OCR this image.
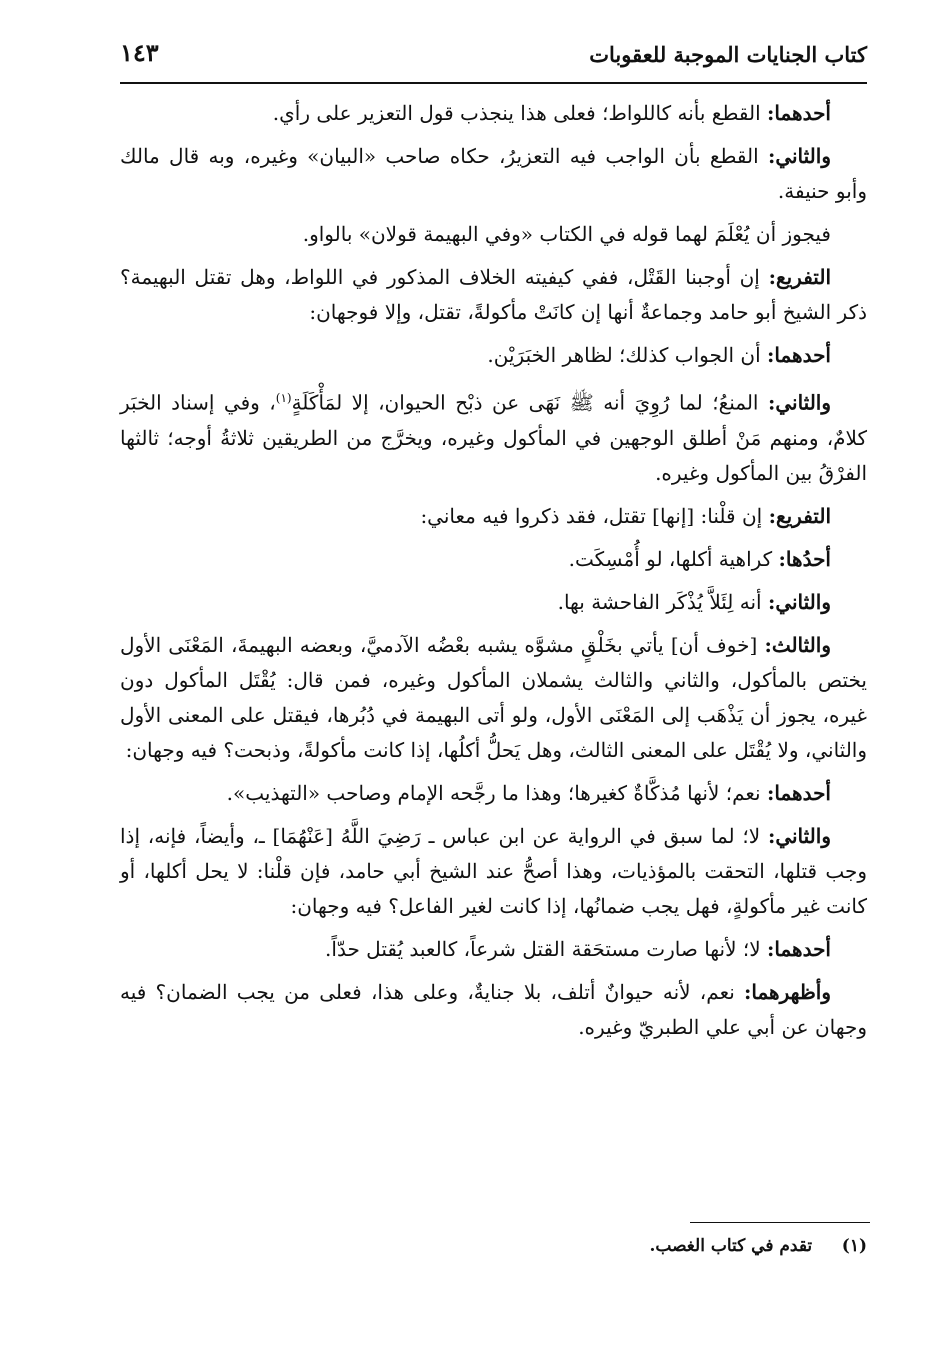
كتاب الجنايات الموجبة للعقوبات
١٤٣

أحدهما: القطع بأنه كاللواط؛ فعلى هذا ينجذب قول التعزير على رأي.

والثاني: القطع بأن الواجب فيه التعزيرُ، حكاه صاحب «البيان» وغيره، وبه قال مالك وأبو حنيفة.

فيجوز أن يُعْلَمَ لهما قوله في الكتاب «وفي البهيمة قولان» بالواو.

التفريع: إن أوجبنا القَتْل، ففي كيفيته الخلاف المذكور في اللواط، وهل تقتل البهيمة؟ ذكر الشيخ أبو حامد وجماعةٌ أنها إن كانَتْ مأكولةً، تقتل، وإلا فوجهان:

أحدهما: أن الجواب كذلك؛ لظاهر الخبَرَيْن.

والثاني: المنعُ؛ لما رُوِيَ أنه ﷺ نَهَى عن ذبْح الحيوان، إلا لمَأْكَلَةٍ$^{(١)}$، وفي إسناد الخبَر كلامٌ، ومنهم مَنْ أطلق الوجهين في المأكول وغيره، ويخرَّج من الطريقين ثلاثةُ أوجه؛ ثالثها الفرْقُ بين المأكول وغيره.

التفريع: إن قلْنا: [إنها] تقتل، فقد ذكروا فيه معاني:

أحدُها: كراهية أكلها، لو أُمْسِكَت.

والثاني: أنه لِئَلاَّ يُذْكَر الفاحشة بها.

والثالث: [خوف أن] يأتي بخَلْقٍ مشوَّه يشبه بعْضُه الآدميَّ، وبعضه البهيمةَ، المَعْنَى الأول يختص بالمأكول، والثاني والثالث يشملان المأكول وغيره، فمن قال: يُقْتَل المأكول دون غيره، يجوز أن يَذْهَب إلى المَعْنَى الأول، ولو أتى البهيمة في دُبُرها، فيقتل على المعنى الأول والثاني، ولا يُقْتَل على المعنى الثالث، وهل يَحلُّ أكلُها، إذا كانت مأكولةً، وذبحت؟ فيه وجهان:

أحدهما: نعم؛ لأنها مُذكَّاةٌ كغيرها؛ وهذا ما رجَّحه الإمام وصاحب «التهذيب».

والثاني: لا؛ لما سبق في الرواية عن ابن عباس ـ رَضِيَ اللَّهُ [عَنْهُمَا] ـ، وأيضاً، فإنه، إذا وجب قتلها، التحقت بالمؤذيات، وهذا أصحُّ عند الشيخ أبي حامد، فإن قلْنا: لا يحل أكلها، أو كانت غير مأكولةٍ، فهل يجب ضمانُها، إذا كانت لغير الفاعل؟ فيه وجهان:

أحدهما: لا؛ لأنها صارت مستحَقة القتل شرعاً، كالعبد يُقتل حدّاً.

وأظهرهما: نعم، لأنه حيوانٌ أتلف، بلا جنايةٌ، وعلى هذا، فعلى من يجب الضمان؟ فيه وجهان عن أبي علي الطبريّ وغيره.

(١)     تقدم في كتاب الغصب.
